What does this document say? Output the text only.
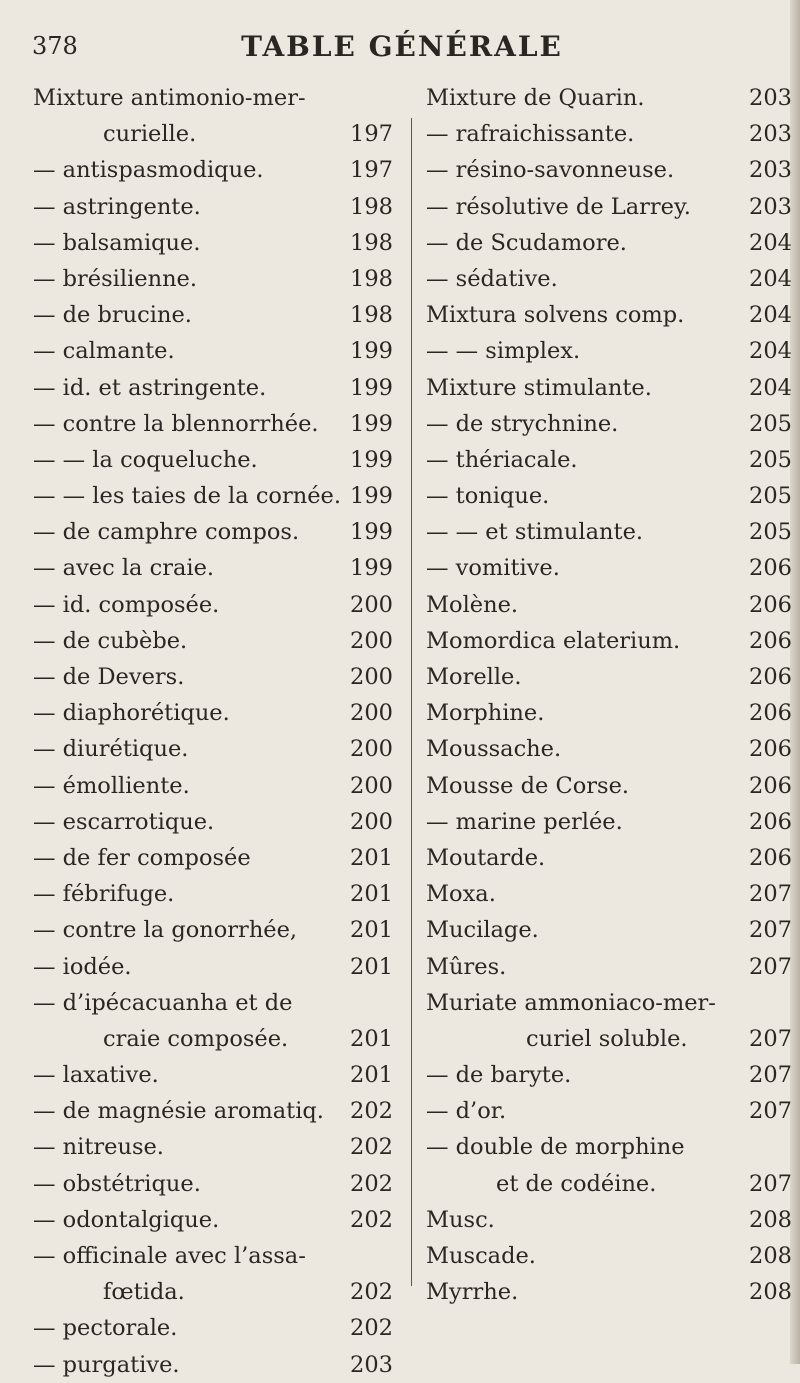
378	TABLE GÉNÉRALE
Mixture antimonio-mer-
curielle.	197
— antispasmodique.	197
— astringente.	198
— balsamique.	198
— brésilienne.	198
— de brucine.	198
— calmante.	199
— id. et astringente.	199
— contre la blennorrhée. 199
— — la coqueluche.	199
— — les taies de la cornée. 199
— de camphre compos. 199
— avec la craie.	199
— id. composée.	200
— de cubèbe.	200
— de Devers.	200
— diaphorétique.	200
— diurétique.	200
— émolliente.	200
— escarrotique.	200
— de fer composée	201
— fébrifuge.	201
— contre la gonorrhée, 201
— iodée.	201
— d’ipécacuanha et de
craie composée.	201
— laxative.	201
— de magnésie aromatiq. 202
— nitreuse.	202
— obstétrique.	202
— odontalgique.	202
— officinale avec l’assa-
fœtida.	202
— pectorale.	202
— purgative.	203
Mixture de Quarin.	203
— rafraichissante.	203
— résino-savonneuse.	203
— résolutive de Larrey.	203
— de Scudamore.	204
— sédative.	204
Mixtura solvens comp.	204
— — simplex.	204
Mixture stimulante.	204
— de strychnine.	205
— thériacale.	205
— tonique.	205
— — et stimulante.	205
— vomitive.	206
Molène.	206
Momordica elaterium.	206
Morelle.	206
Morphine.	206
Moussache.	206
Mousse de Corse.	206
— marine perlée.	206
Moutarde.	206
Moxa.	207
Mucilage.	207
Mûres.	207
Muriate ammoniaco-mer-
curiel soluble.	207
— de baryte.	207
— d’or.	207
— double de morphine
et de codéine.	207
Musc.	208
Muscade.	208
Myrrhe.	208
